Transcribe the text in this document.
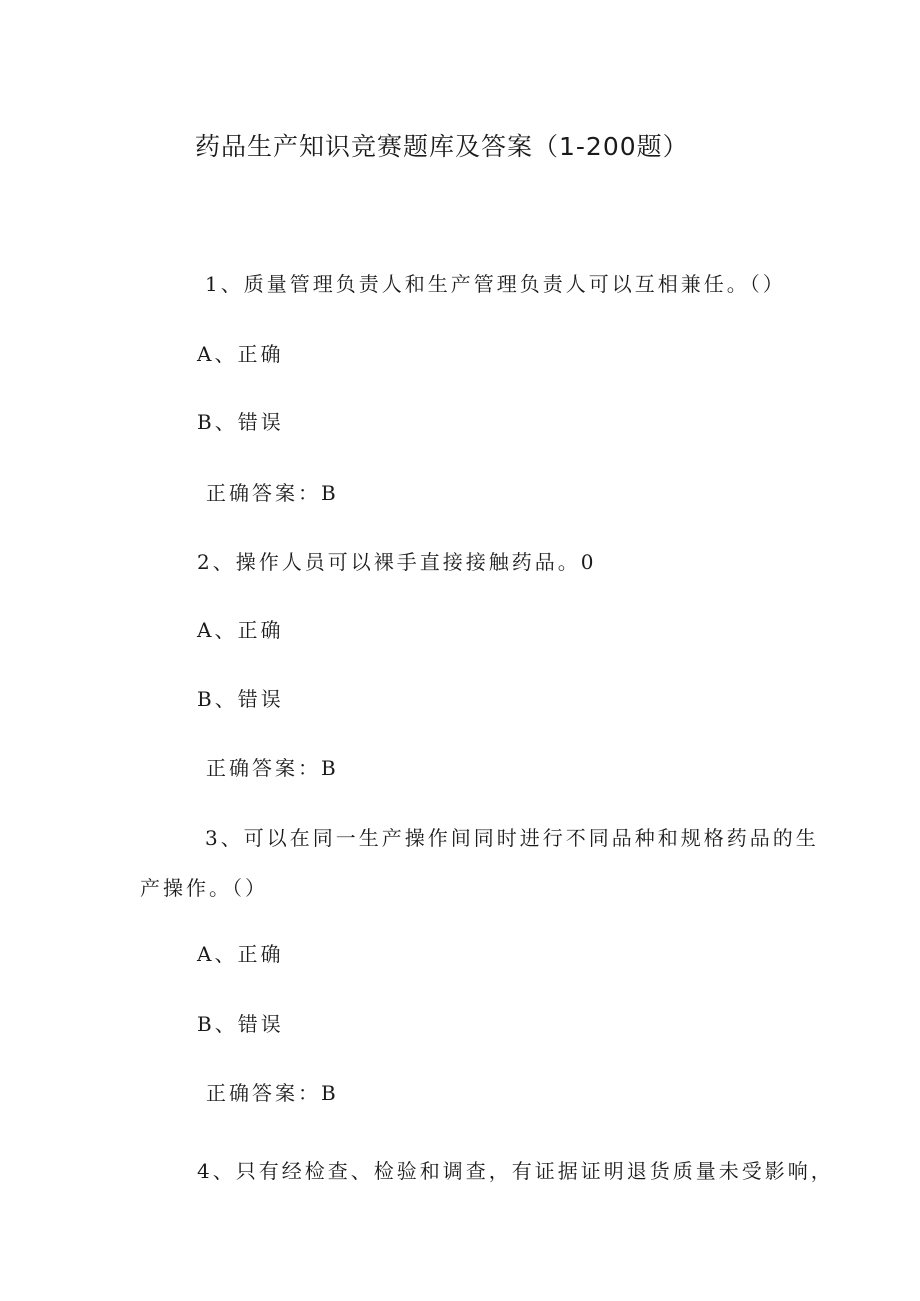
药品生产知识竞赛题库及答案（1-200题）
1、质量管理负责人和生产管理负责人可以互相兼任。（）
A、正确
B、错误
正确答案：B
2、操作人员可以裸手直接接触药品。0
A、正确
B、错误
正确答案：B
3、可以在同一生产操作间同时进行不同品种和规格药品的生
产操作。（）
A、正确
B、错误
正确答案：B
4、只有经检查、检验和调查，有证据证明退货质量未受影响，
